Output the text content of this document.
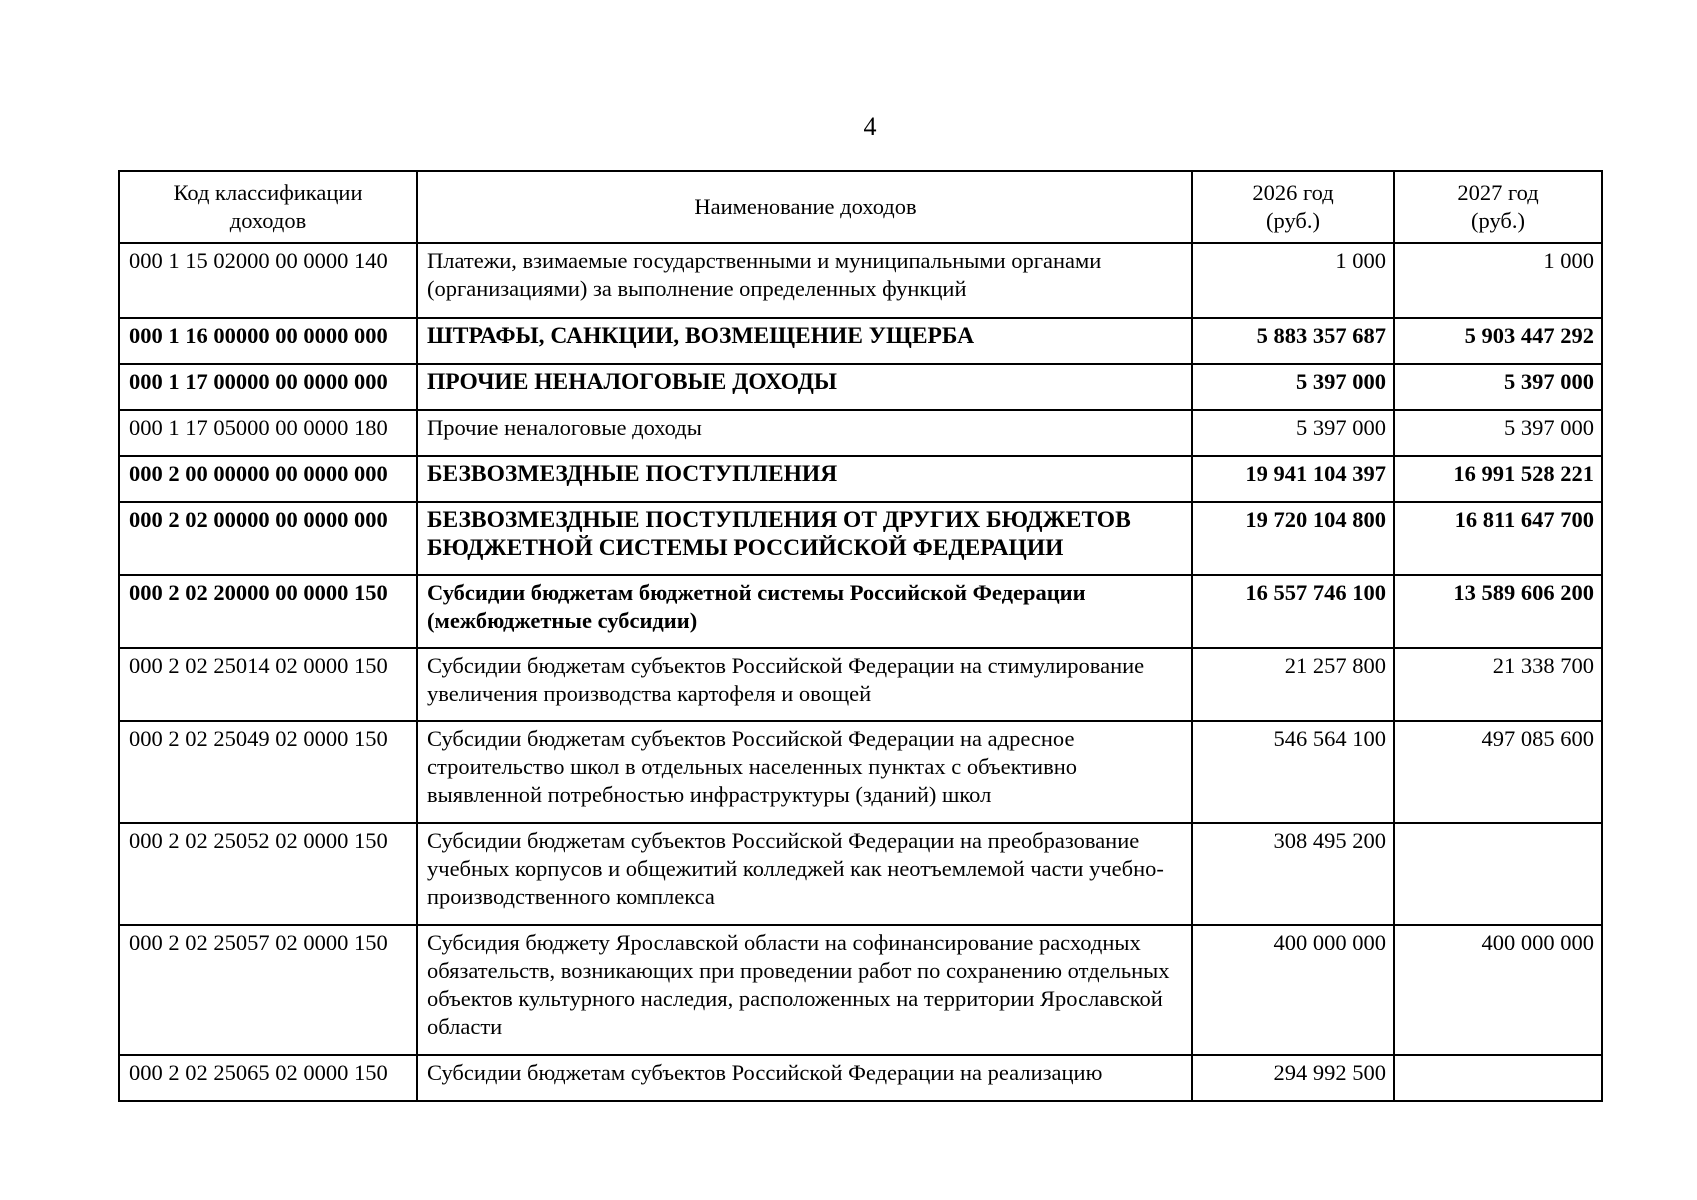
4
Код классификации доходов	Наименование доходов	2026 год (руб.)	2027 год (руб.)
000 1 15 02000 00 0000 140	Платежи, взимаемые государственными и муниципальными органами (организациями) за выполнение определенных функций	1 000	1 000
000 1 16 00000 00 0000 000	ШТРАФЫ, САНКЦИИ, ВОЗМЕЩЕНИЕ УЩЕРБА	5 883 357 687	5 903 447 292
000 1 17 00000 00 0000 000	ПРОЧИЕ НЕНАЛОГОВЫЕ ДОХОДЫ	5 397 000	5 397 000
000 1 17 05000 00 0000 180	Прочие неналоговые доходы	5 397 000	5 397 000
000 2 00 00000 00 0000 000	БЕЗВОЗМЕЗДНЫЕ ПОСТУПЛЕНИЯ	19 941 104 397	16 991 528 221
000 2 02 00000 00 0000 000	БЕЗВОЗМЕЗДНЫЕ ПОСТУПЛЕНИЯ ОТ ДРУГИХ БЮДЖЕТОВ БЮДЖЕТНОЙ СИСТЕМЫ РОССИЙСКОЙ ФЕДЕРАЦИИ	19 720 104 800	16 811 647 700
000 2 02 20000 00 0000 150	Субсидии бюджетам бюджетной системы Российской Федерации (межбюджетные субсидии)	16 557 746 100	13 589 606 200
000 2 02 25014 02 0000 150	Субсидии бюджетам субъектов Российской Федерации на стимулирование увеличения производства картофеля и овощей	21 257 800	21 338 700
000 2 02 25049 02 0000 150	Субсидии бюджетам субъектов Российской Федерации на адресное строительство школ в отдельных населенных пунктах с объективно выявленной потребностью инфраструктуры (зданий) школ	546 564 100	497 085 600
000 2 02 25052 02 0000 150	Субсидии бюджетам субъектов Российской Федерации на преобразование учебных корпусов и общежитий колледжей как неотъемлемой части учебно-производственного комплекса	308 495 200	
000 2 02 25057 02 0000 150	Субсидия бюджету Ярославской области на софинансирование расходных обязательств, возникающих при проведении работ по сохранению отдельных объектов культурного наследия, расположенных на территории Ярославской области	400 000 000	400 000 000
000 2 02 25065 02 0000 150	Субсидии бюджетам субъектов Российской Федерации на реализацию	294 992 500	
